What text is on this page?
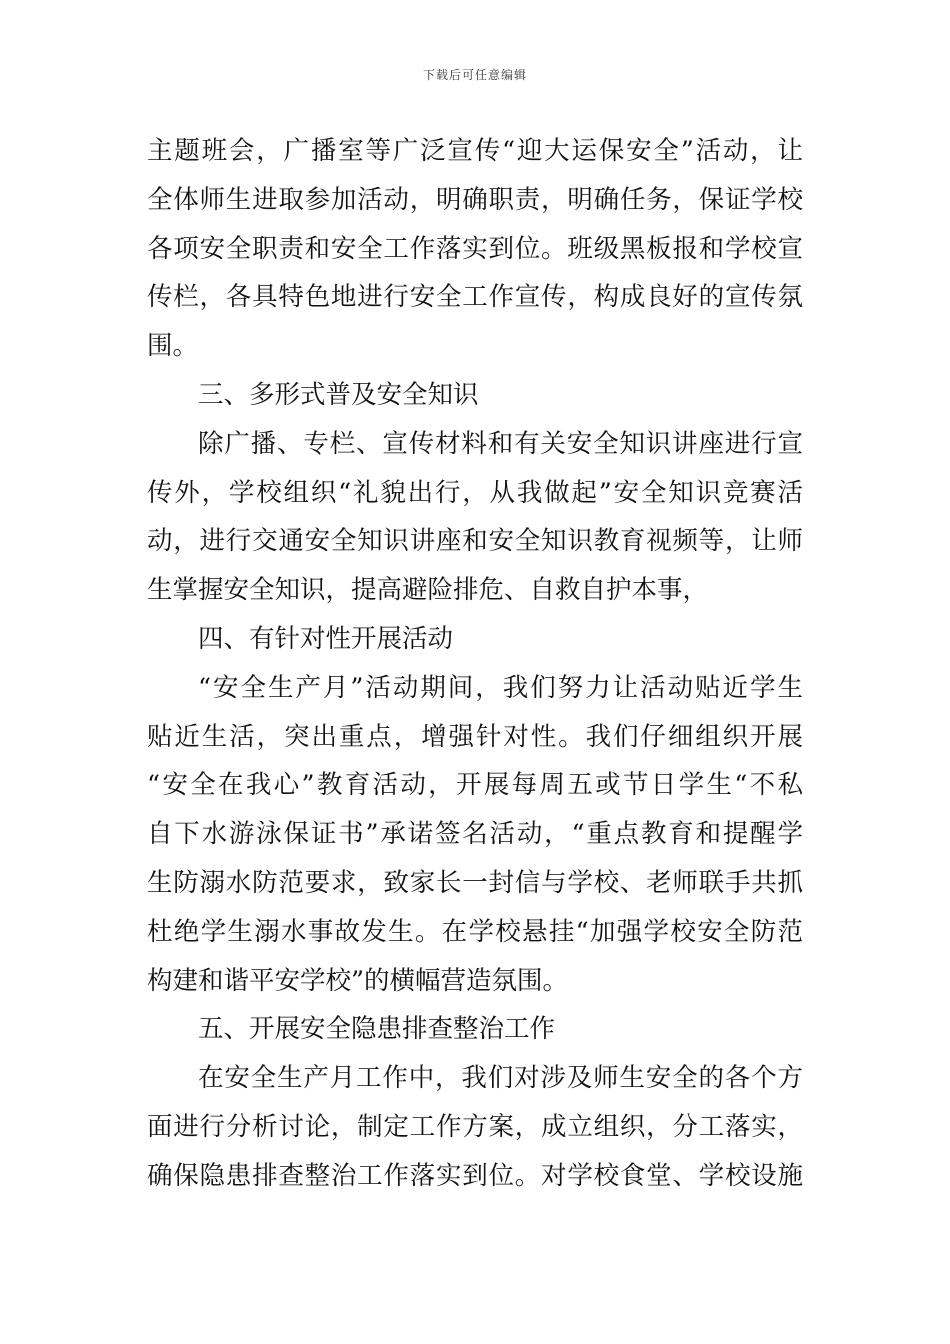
下载后可任意编辑
主题班会，广播室等广泛宣传“迎大运保安全”活动，让
全体师生进取参加活动，明确职责，明确任务，保证学校
各项安全职责和安全工作落实到位。班级黑板报和学校宣
传栏，各具特色地进行安全工作宣传，构成良好的宣传氛
围。
三、多形式普及安全知识
除广播、专栏、宣传材料和有关安全知识讲座进行宣
传外，学校组织“礼貌出行，从我做起”安全知识竞赛活
动，进行交通安全知识讲座和安全知识教育视频等，让师
生掌握安全知识，提高避险排危、自救自护本事，
四、有针对性开展活动
“安全生产月”活动期间，我们努力让活动贴近学生
贴近生活，突出重点，增强针对性。我们仔细组织开展
“安全在我心”教育活动，开展每周五或节日学生“不私
自下水游泳保证书”承诺签名活动，“重点教育和提醒学
生防溺水防范要求，致家长一封信与学校、老师联手共抓
杜绝学生溺水事故发生。在学校悬挂“加强学校安全防范
构建和谐平安学校”的横幅营造氛围。
五、开展安全隐患排查整治工作
在安全生产月工作中，我们对涉及师生安全的各个方
面进行分析讨论，制定工作方案，成立组织，分工落实，
确保隐患排查整治工作落实到位。对学校食堂、学校设施
